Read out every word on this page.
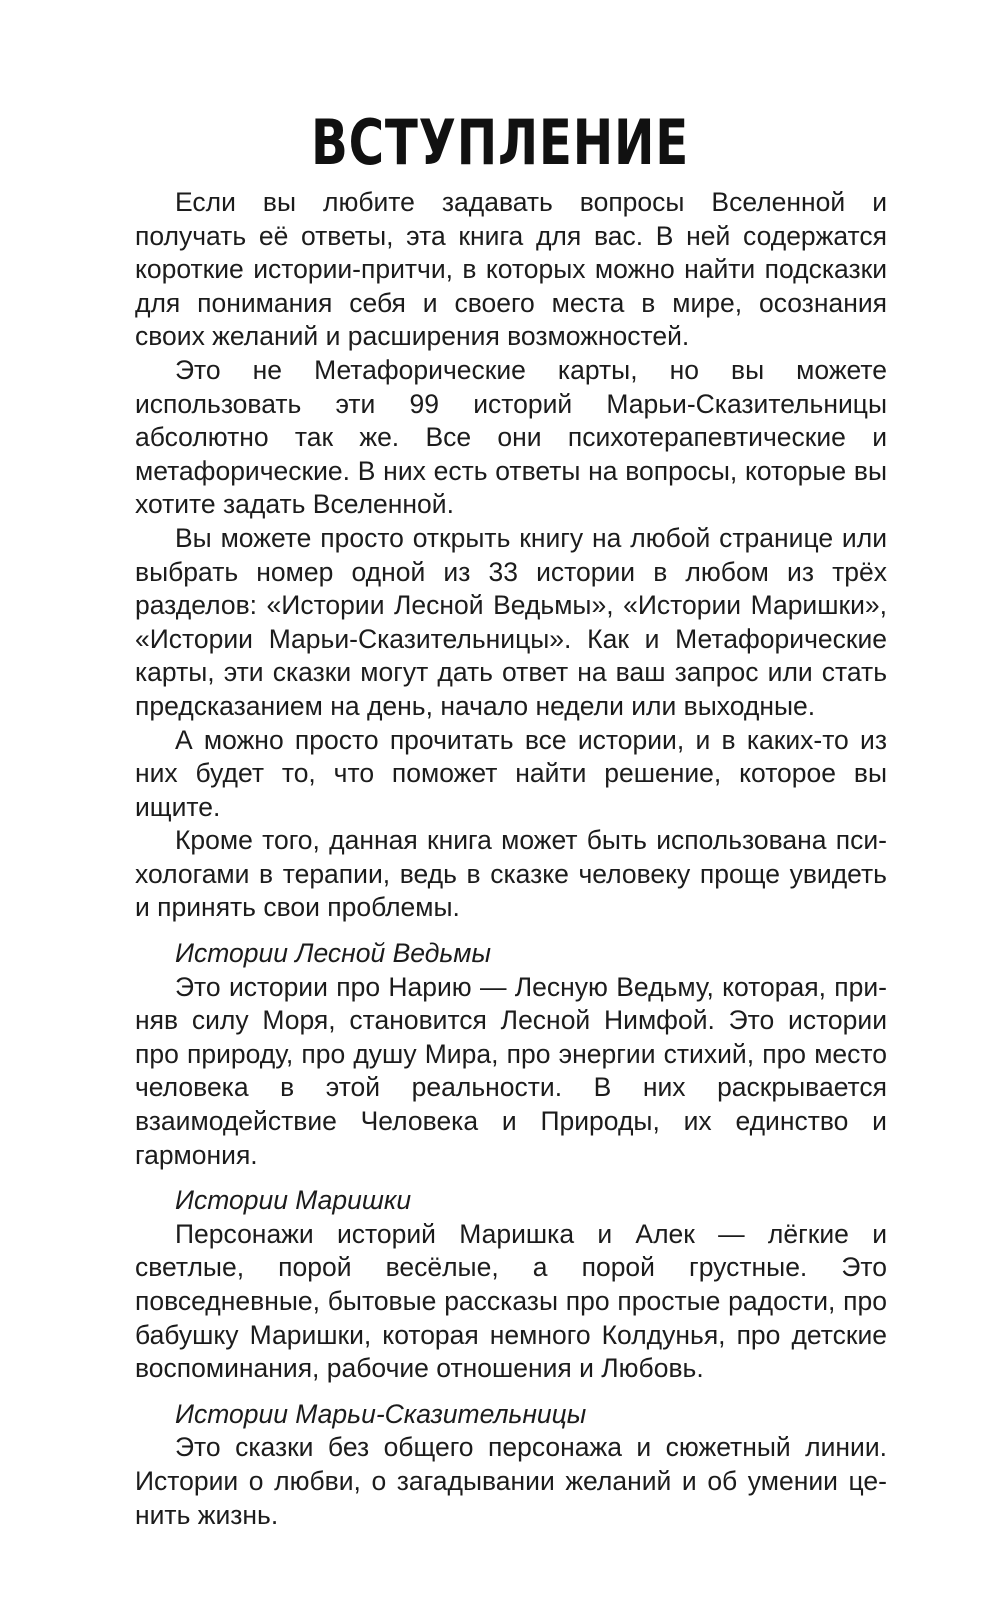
ВСТУПЛЕНИЕ

Если вы любите задавать вопросы Вселенной и получать её ответы, эта книга для вас. В ней содержатся короткие истории-притчи, в которых можно найти подсказки для понимания себя и своего места в мире, осознания своих желаний и расширения возможностей.

Это не Метафорические карты, но вы можете использовать эти 99 историй Марьи-Сказительницы абсолютно так же. Все они психотерапевтические и метафорические. В них есть ответы на вопросы, которые вы хотите задать Вселенной.

Вы можете просто открыть книгу на любой странице или выбрать номер одной из 33 истории в любом из трёх разделов: «Истории Лесной Ведьмы», «Истории Маришки», «Истории Марьи-Сказительницы». Как и Метафорические карты, эти сказки могут дать ответ на ваш запрос или стать предсказанием на день, начало недели или выходные.

А можно просто прочитать все истории, и в каких-то из них будет то, что поможет найти решение, которое вы ищите.

Кроме того, данная книга может быть использована психологами в терапии, ведь в сказке человеку проще увидеть и принять свои проблемы.

Истории Лесной Ведьмы

Это истории про Нарию — Лесную Ведьму, которая, приняв силу Моря, становится Лесной Нимфой. Это истории про природу, про душу Мира, про энергии стихий, про место человека в этой реальности. В них раскрывается взаимодействие Человека и Природы, их единство и гармония.

Истории Маришки

Персонажи историй Маришка и Алек — лёгкие и светлые, порой весёлые, а порой грустные. Это повседневные, бытовые рассказы про простые радости, про бабушку Маришки, которая немного Колдунья, про детские воспоминания, рабочие отношения и Любовь.

Истории Марьи-Сказительницы

Это сказки без общего персонажа и сюжетный линии. Истории о любви, о загадывании желаний и об умении ценить жизнь.
